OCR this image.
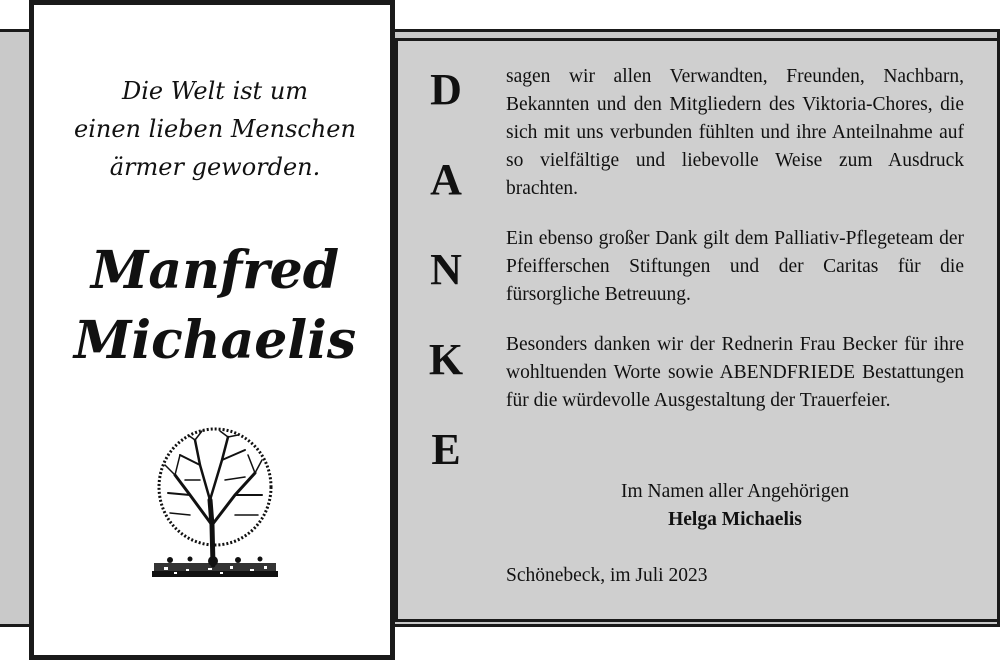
Die Welt ist um
einen lieben Menschen
ärmer geworden.
Manfred
Michaelis
D
A
N
K
E

sagen wir allen Verwandten, Freunden, Nachbarn, Bekannten und den Mitgliedern des Viktoria-Chores, die sich mit uns verbunden fühlten und ihre Anteilnahme auf so vielfältige und liebevolle Weise zum Ausdruck brachten.

Ein ebenso großer Dank gilt dem Palliativ-Pflegeteam der Pfeifferschen Stiftungen und der Caritas für die fürsorgliche Betreuung.

Besonders danken wir der Rednerin Frau Becker für ihre wohltuenden Worte sowie ABENDFRIEDE Bestattungen für die würdevolle Ausgestaltung der Trauerfeier.

Im Namen aller Angehörigen
Helga Michaelis
Schönebeck, im Juli 2023
